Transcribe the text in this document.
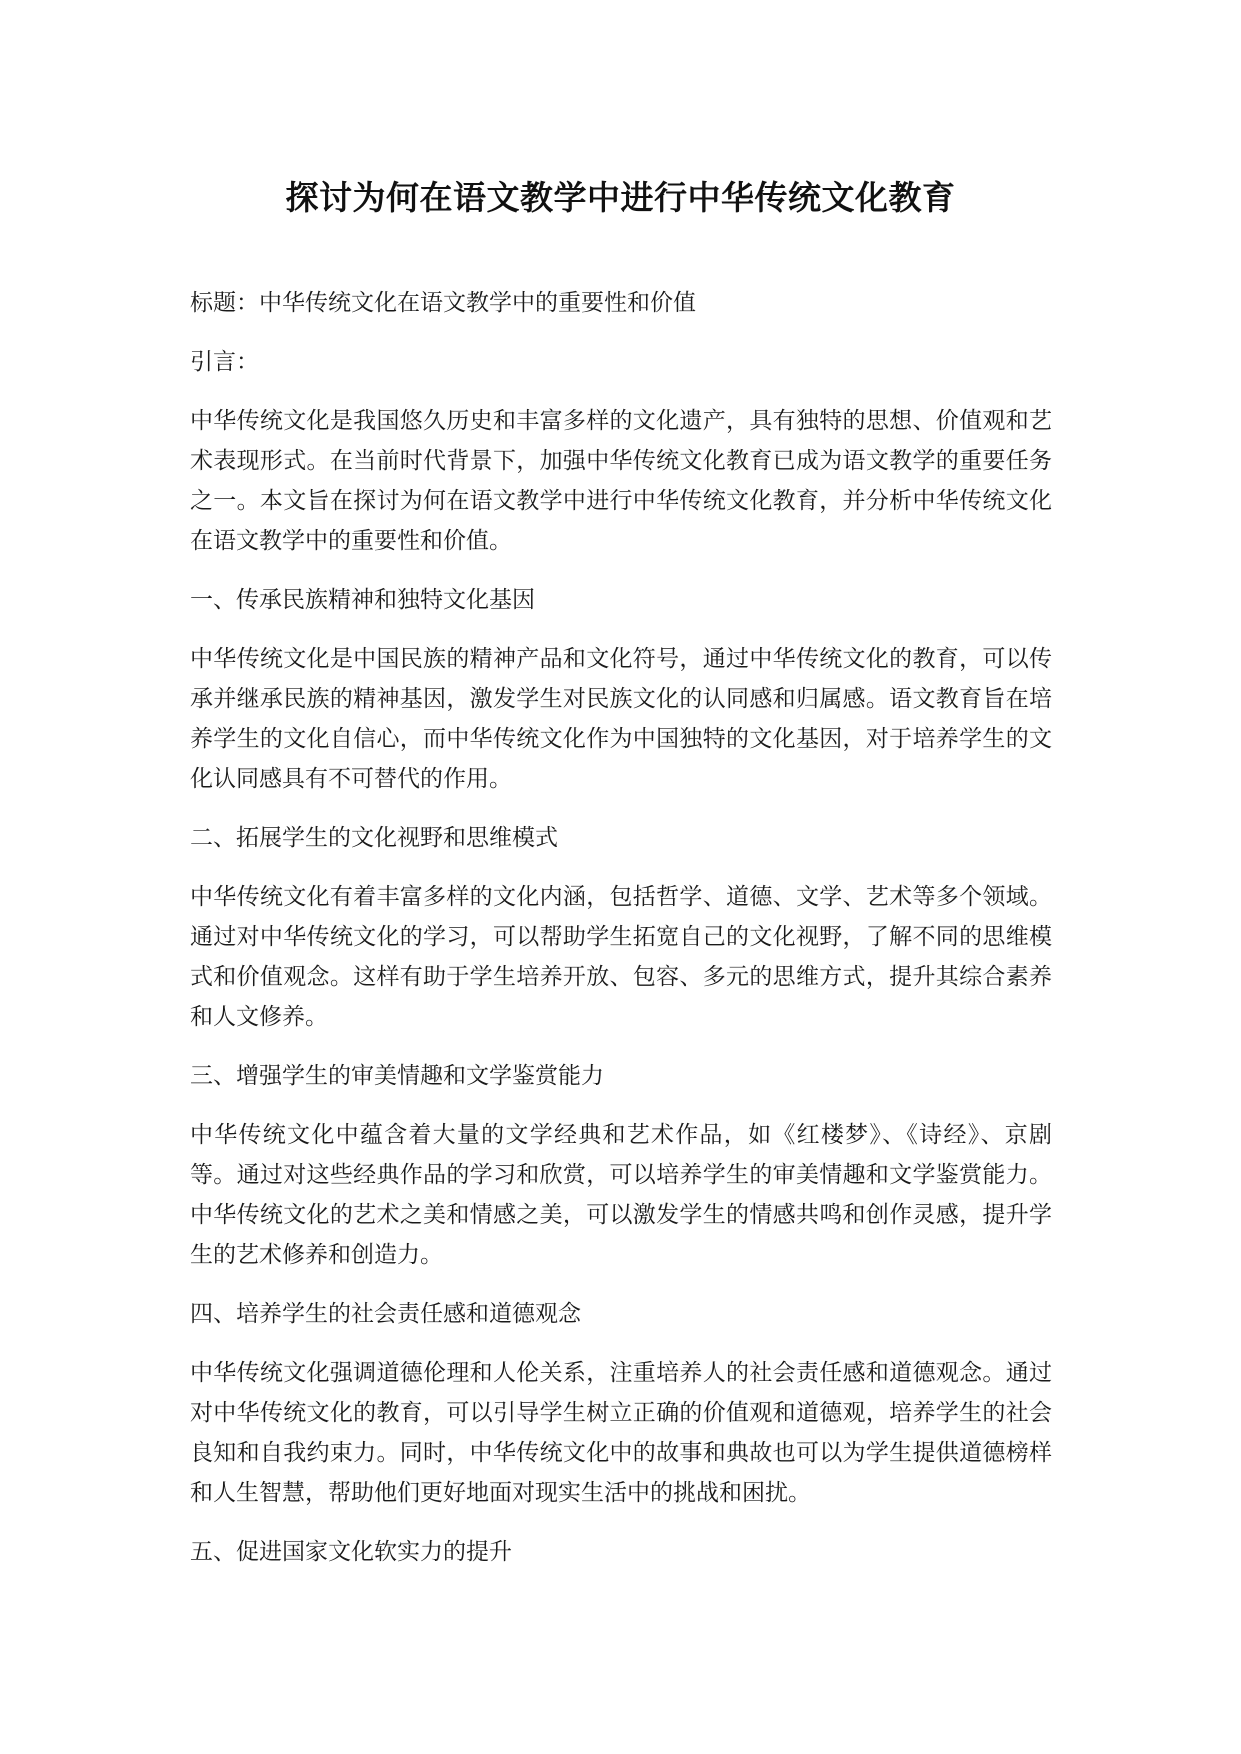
探讨为何在语文教学中进行中华传统文化教育

标题：中华传统文化在语文教学中的重要性和价值

引言：

中华传统文化是我国悠久历史和丰富多样的文化遗产，具有独特的思想、价值观和艺术表现形式。在当前时代背景下，加强中华传统文化教育已成为语文教学的重要任务之一。本文旨在探讨为何在语文教学中进行中华传统文化教育，并分析中华传统文化在语文教学中的重要性和价值。

一、传承民族精神和独特文化基因

中华传统文化是中国民族的精神产品和文化符号，通过中华传统文化的教育，可以传承并继承民族的精神基因，激发学生对民族文化的认同感和归属感。语文教育旨在培养学生的文化自信心，而中华传统文化作为中国独特的文化基因，对于培养学生的文化认同感具有不可替代的作用。

二、拓展学生的文化视野和思维模式

中华传统文化有着丰富多样的文化内涵，包括哲学、道德、文学、艺术等多个领域。通过对中华传统文化的学习，可以帮助学生拓宽自己的文化视野，了解不同的思维模式和价值观念。这样有助于学生培养开放、包容、多元的思维方式，提升其综合素养和人文修养。

三、增强学生的审美情趣和文学鉴赏能力

中华传统文化中蕴含着大量的文学经典和艺术作品，如《红楼梦》、《诗经》、京剧等。通过对这些经典作品的学习和欣赏，可以培养学生的审美情趣和文学鉴赏能力。中华传统文化的艺术之美和情感之美，可以激发学生的情感共鸣和创作灵感，提升学生的艺术修养和创造力。

四、培养学生的社会责任感和道德观念

中华传统文化强调道德伦理和人伦关系，注重培养人的社会责任感和道德观念。通过对中华传统文化的教育，可以引导学生树立正确的价值观和道德观，培养学生的社会良知和自我约束力。同时，中华传统文化中的故事和典故也可以为学生提供道德榜样和人生智慧，帮助他们更好地面对现实生活中的挑战和困扰。

五、促进国家文化软实力的提升
